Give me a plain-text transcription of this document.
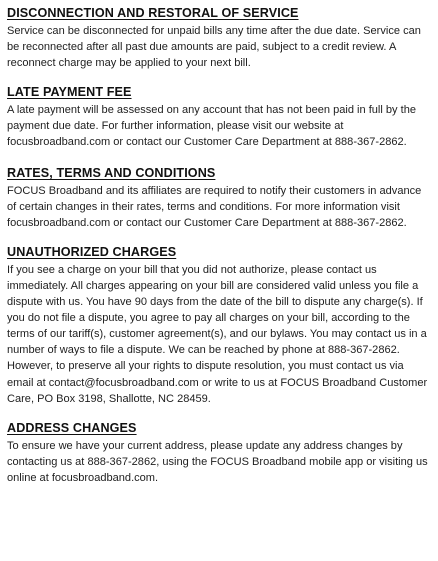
DISCONNECTION AND RESTORAL OF SERVICE

Service can be disconnected for unpaid bills any time after the due date. Service can be reconnected after all past due amounts are paid, subject to a credit review. A reconnect charge may be applied to your next bill.

LATE PAYMENT FEE

A late payment will be assessed on any account that has not been paid in full by the payment due date. For further information, please visit our website at focusbroadband.com or contact our Customer Care Department at 888-367-2862.

RATES, TERMS AND CONDITIONS

FOCUS Broadband and its affiliates are required to notify their customers in advance of certain changes in their rates, terms and conditions. For more information visit focusbroadband.com or contact our Customer Care Department at 888-367-2862.

UNAUTHORIZED CHARGES

If you see a charge on your bill that you did not authorize, please contact us immediately. All charges appearing on your bill are considered valid unless you file a dispute with us. You have 90 days from the date of the bill to dispute any charge(s). If you do not file a dispute, you agree to pay all charges on your bill, according to the terms of our tariff(s), customer agreement(s), and our bylaws. You may contact us in a number of ways to file a dispute. We can be reached by phone at 888-367-2862. However, to preserve all your rights to dispute resolution, you must contact us via email at contact@focusbroadband.com or write to us at FOCUS Broadband Customer Care, PO Box 3198, Shallotte, NC 28459.

ADDRESS CHANGES

To ensure we have your current address, please update any address changes by contacting us at 888-367-2862, using the FOCUS Broadband mobile app or visiting us online at focusbroadband.com.
